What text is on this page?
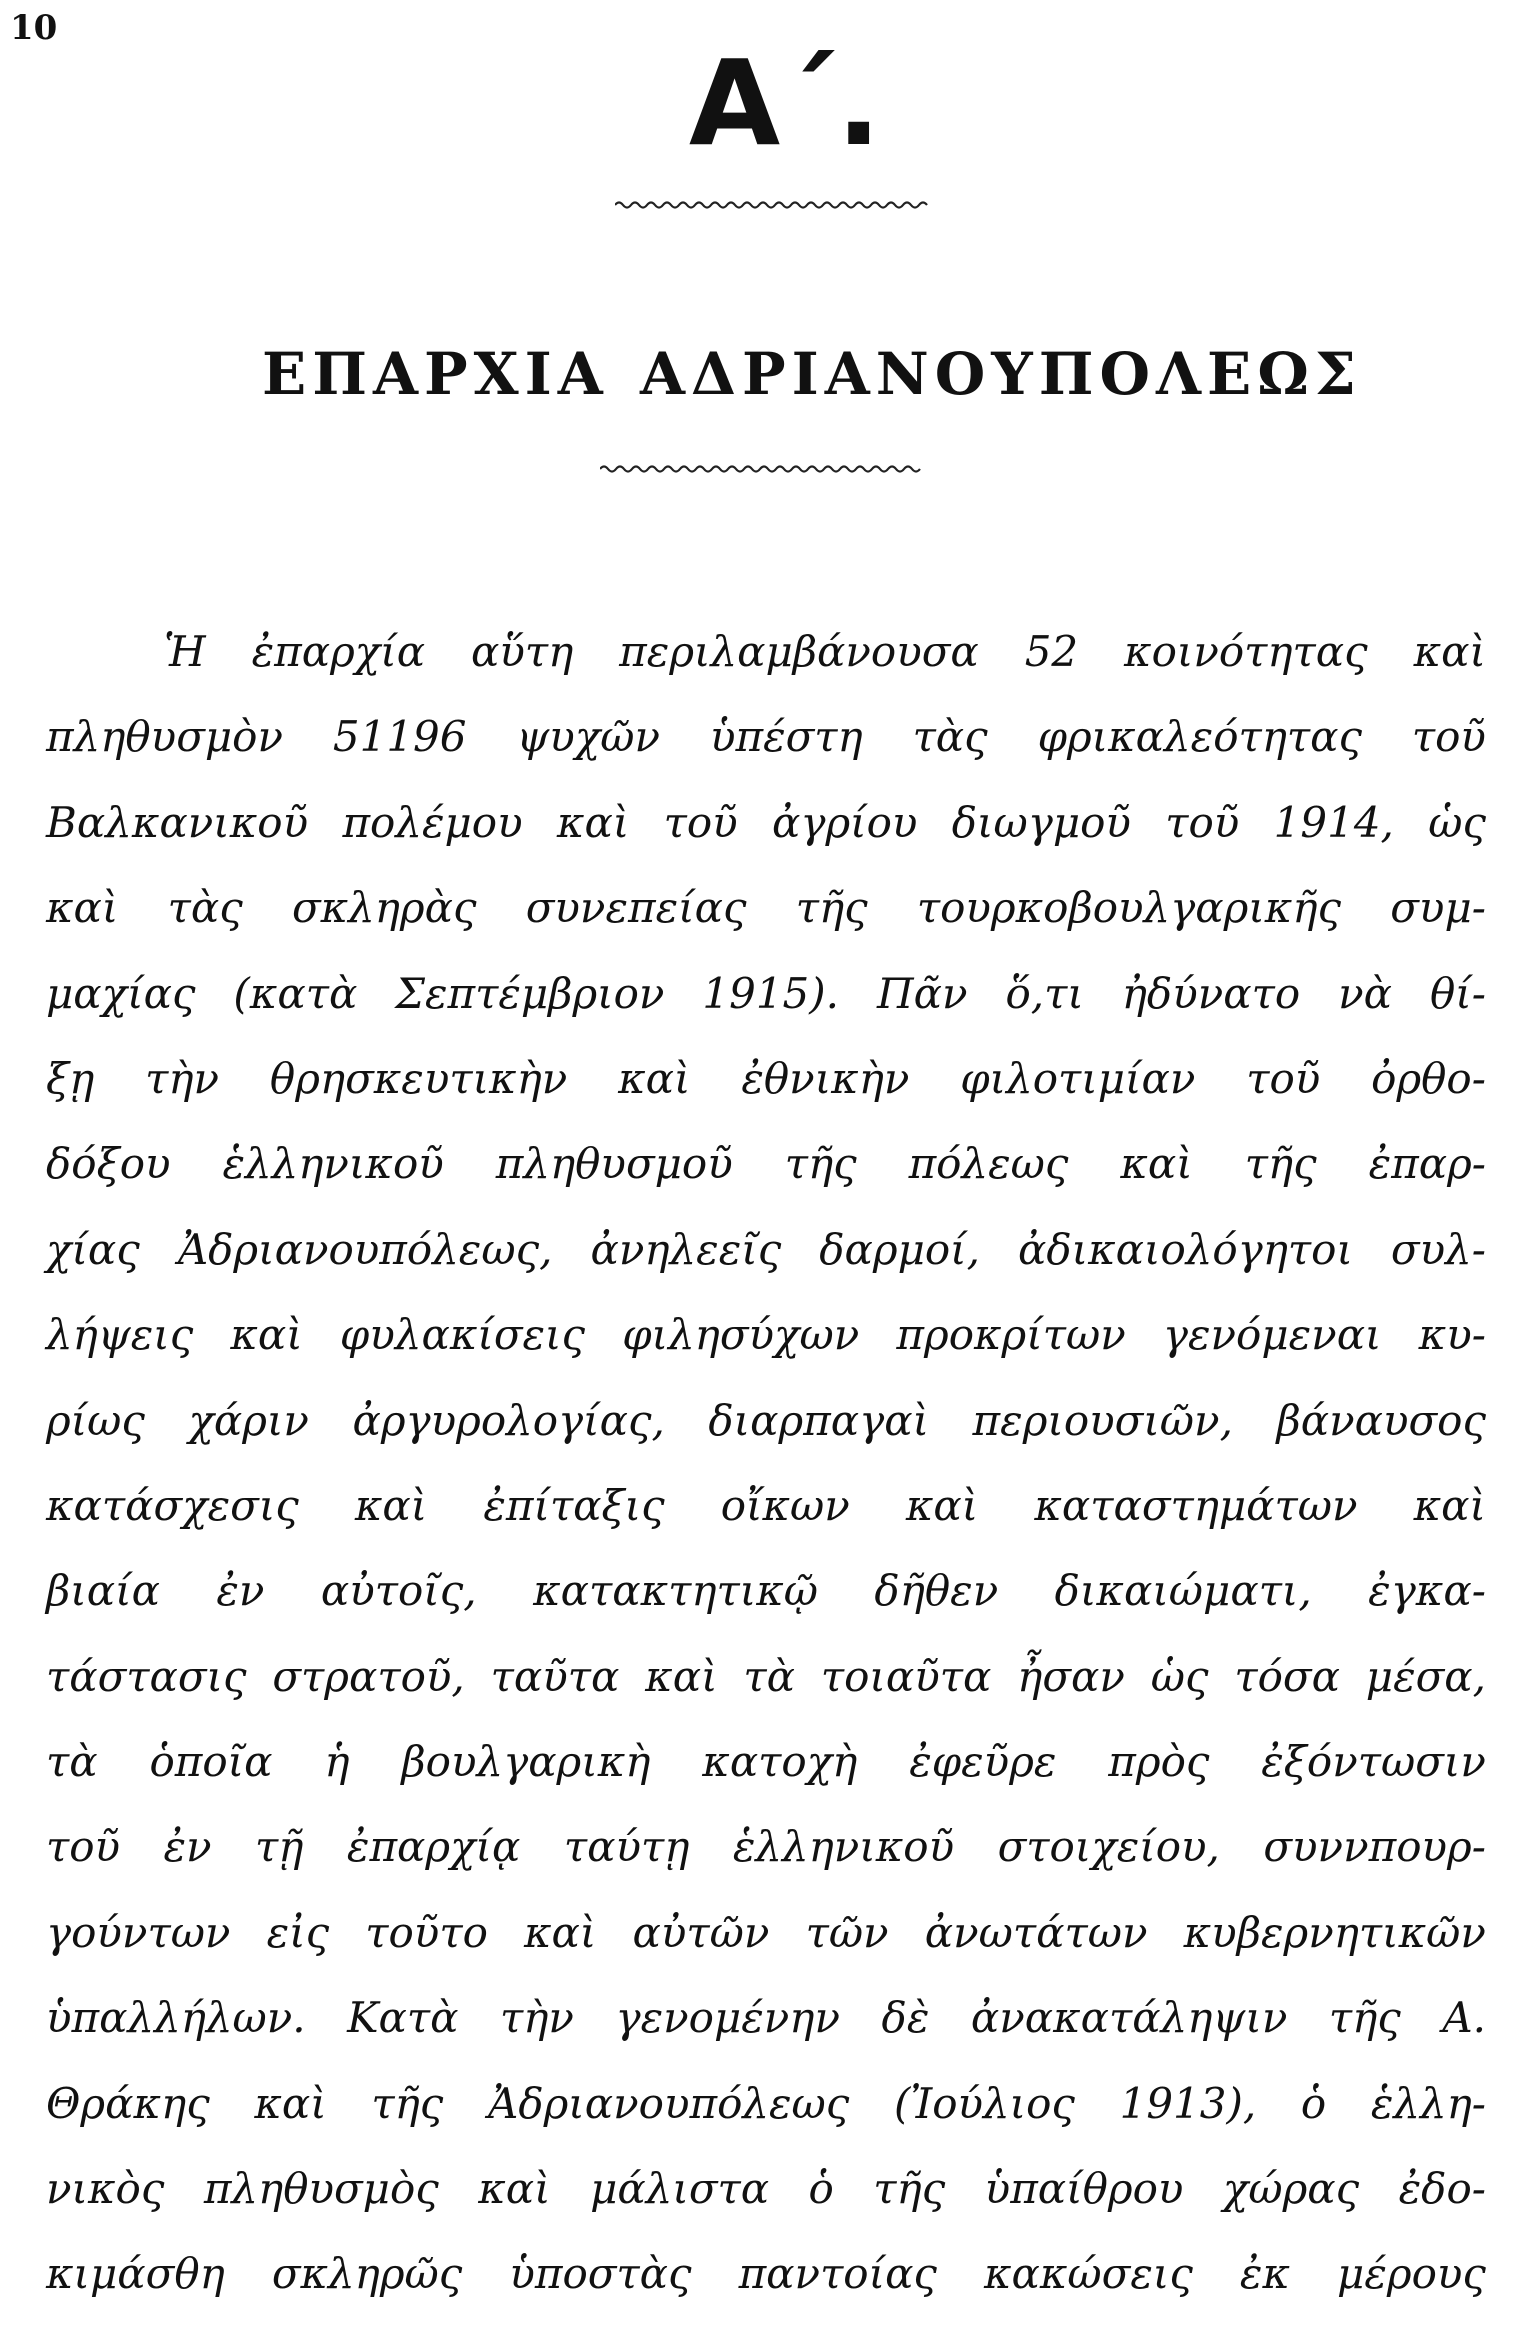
10
Α΄.
ΕΠΑΡΧΙΑ ΑΔΡΙΑΝΟΥΠΟΛΕΩΣ
Ἡ ἐπαρχία αὕτη περιλαμβάνουσα 52 κοινότητας καὶ
πληθυσμὸν 51196 ψυχῶν ὑπέστη τὰς φρικαλεότητας τοῦ
Βαλκανικοῦ πολέμου καὶ τοῦ ἀγρίου διωγμοῦ τοῦ 1914, ὡς
καὶ τὰς σκληρὰς συνεπείας τῆς τουρκοβουλγαρικῆς συμ-
μαχίας (κατὰ Σεπτέμβριον 1915). Πᾶν ὅ,τι ἠδύνατο νὰ θί-
ξῃ τὴν θρησκευτικὴν καὶ ἐθνικὴν φιλοτιμίαν τοῦ ὀρθο-
δόξου ἑλληνικοῦ πληθυσμοῦ τῆς πόλεως καὶ τῆς ἐπαρ-
χίας Ἀδριανουπόλεως, ἀνηλεεῖς δαρμοί, ἀδικαιολόγητοι συλ-
λήψεις καὶ φυλακίσεις φιλησύχων προκρίτων γενόμεναι κυ-
ρίως χάριν ἀργυρολογίας, διαρπαγαὶ περιουσιῶν, βάναυσος
κατάσχεσις καὶ ἐπίταξις οἴκων καὶ καταστημάτων καὶ
βιαία ἐν αὐτοῖς, κατακτητικῷ δῆθεν δικαιώματι, ἐγκα-
τάστασις στρατοῦ, ταῦτα καὶ τὰ τοιαῦτα ἦσαν ὡς τόσα μέσα,
τὰ ὁποῖα ἡ βουλγαρικὴ κατοχὴ ἐφεῦρε πρὸς ἐξόντωσιν
τοῦ ἐν τῇ ἐπαρχίᾳ ταύτῃ ἑλληνικοῦ στοιχείου, συννπουρ-
γούντων εἰς τοῦτο καὶ αὐτῶν τῶν ἀνωτάτων κυβερνητικῶν
ὑπαλλήλων. Κατὰ τὴν γενομένην δὲ ἀνακατάληψιν τῆς Α.
Θράκης καὶ τῆς Ἀδριανουπόλεως (Ἰούλιος 1913), ὁ ἑλλη-
νικὸς πληθυσμὸς καὶ μάλιστα ὁ τῆς ὑπαίθρου χώρας ἐδο-
κιμάσθη σκληρῶς ὑποστὰς παντοίας κακώσεις ἐκ μέρους
